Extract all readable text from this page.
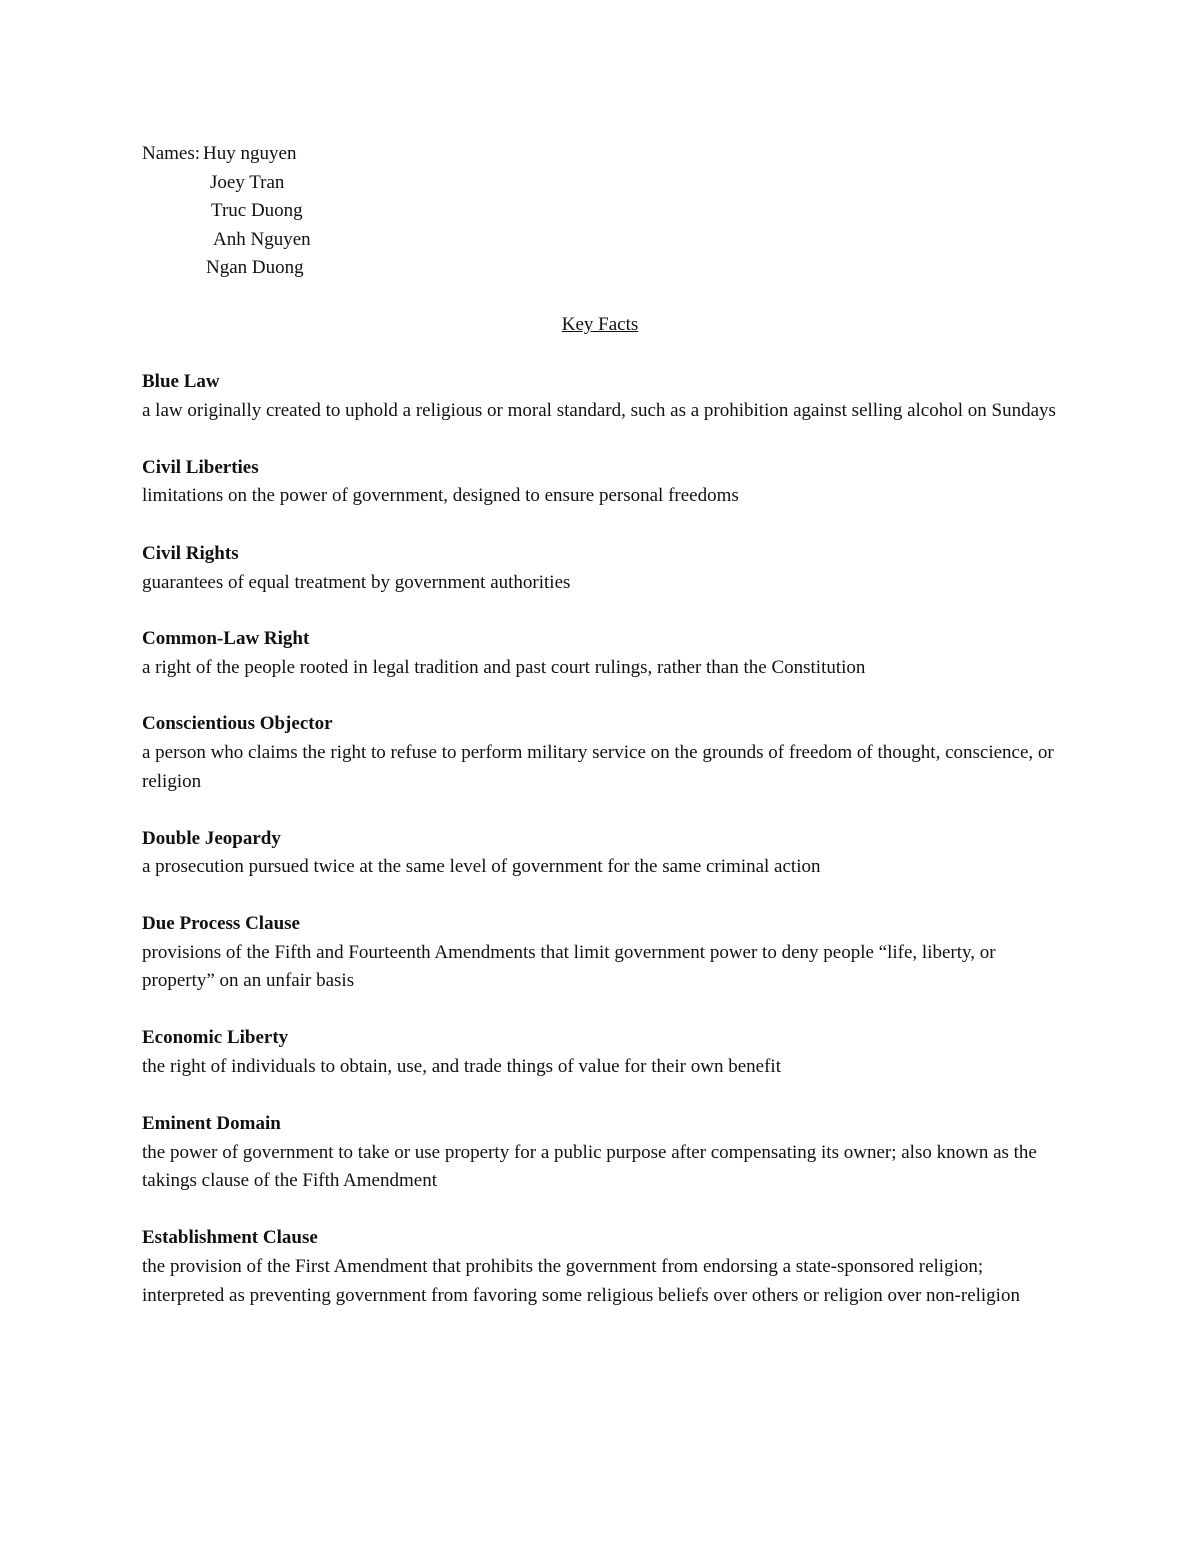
Names: Huy nguyen
Joey Tran
Truc Duong
Anh Nguyen
Ngan Duong
Key Facts

Blue Law

a law originally created to uphold a religious or moral standard, such as a prohibition against selling alcohol on Sundays

Civil Liberties

limitations on the power of government, designed to ensure personal freedoms

Civil Rights

guarantees of equal treatment by government authorities

Common-Law Right

a right of the people rooted in legal tradition and past court rulings, rather than the Constitution

Conscientious Objector

a person who claims the right to refuse to perform military service on the grounds of freedom of thought, conscience, or religion

Double Jeopardy

a prosecution pursued twice at the same level of government for the same criminal action

Due Process Clause

provisions of the Fifth and Fourteenth Amendments that limit government power to deny people “life, liberty, or property” on an unfair basis

Economic Liberty

the right of individuals to obtain, use, and trade things of value for their own benefit

Eminent Domain

the power of government to take or use property for a public purpose after compensating its owner; also known as the takings clause of the Fifth Amendment

Establishment Clause

the provision of the First Amendment that prohibits the government from endorsing a state-sponsored religion; interpreted as preventing government from favoring some religious beliefs over others or religion over non-religion
